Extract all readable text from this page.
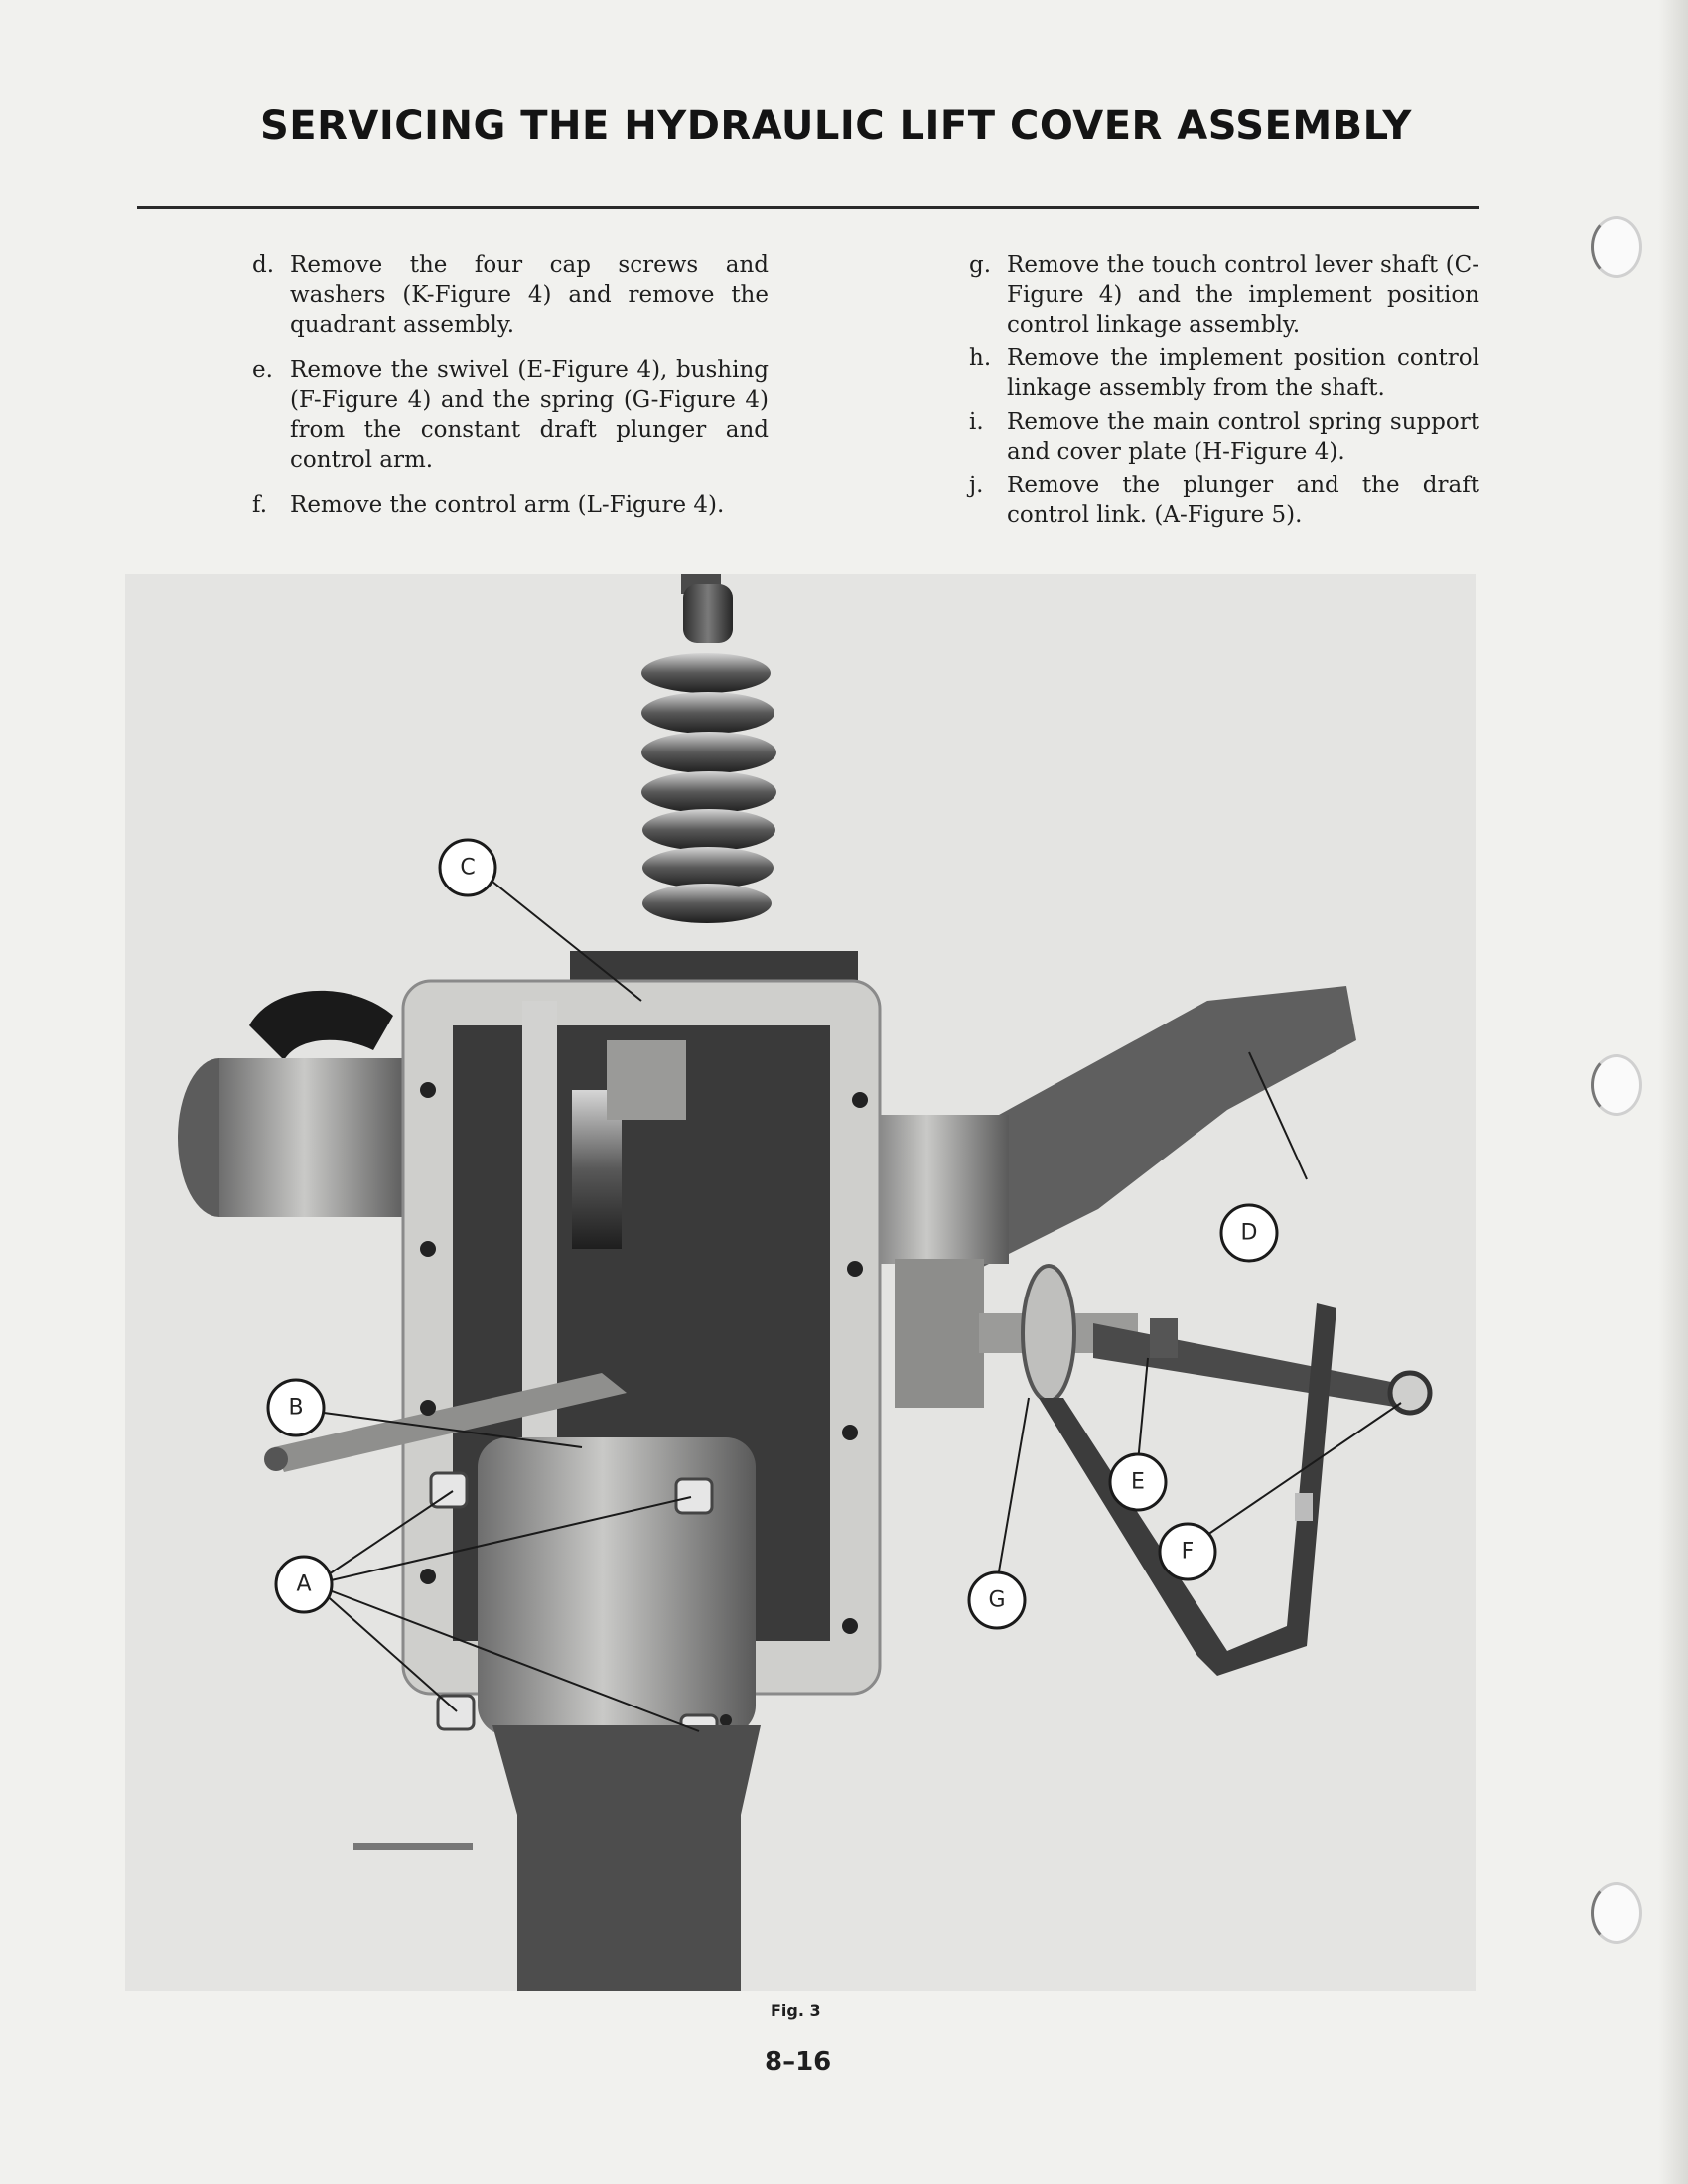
SERVICING THE HYDRAULIC LIFT COVER ASSEMBLY
d. Remove the four cap screws and washers (K-Figure 4) and remove the quadrant assembly.
e. Remove the swivel (E-Figure 4), bushing (F-Figure 4) and the spring (G-Figure 4) from the constant draft plunger and control arm.
f. Remove the control arm (L-Figure 4).
g. Remove the touch control lever shaft (C-Figure 4) and the implement position control linkage assembly.
h. Remove the implement position control linkage assembly from the shaft.
i. Remove the main control spring support and cover plate (H-Figure 4).
j. Remove the plunger and the draft control link. (A-Figure 5).
C
D
B
E
A
F
G
Fig. 3
8–16
